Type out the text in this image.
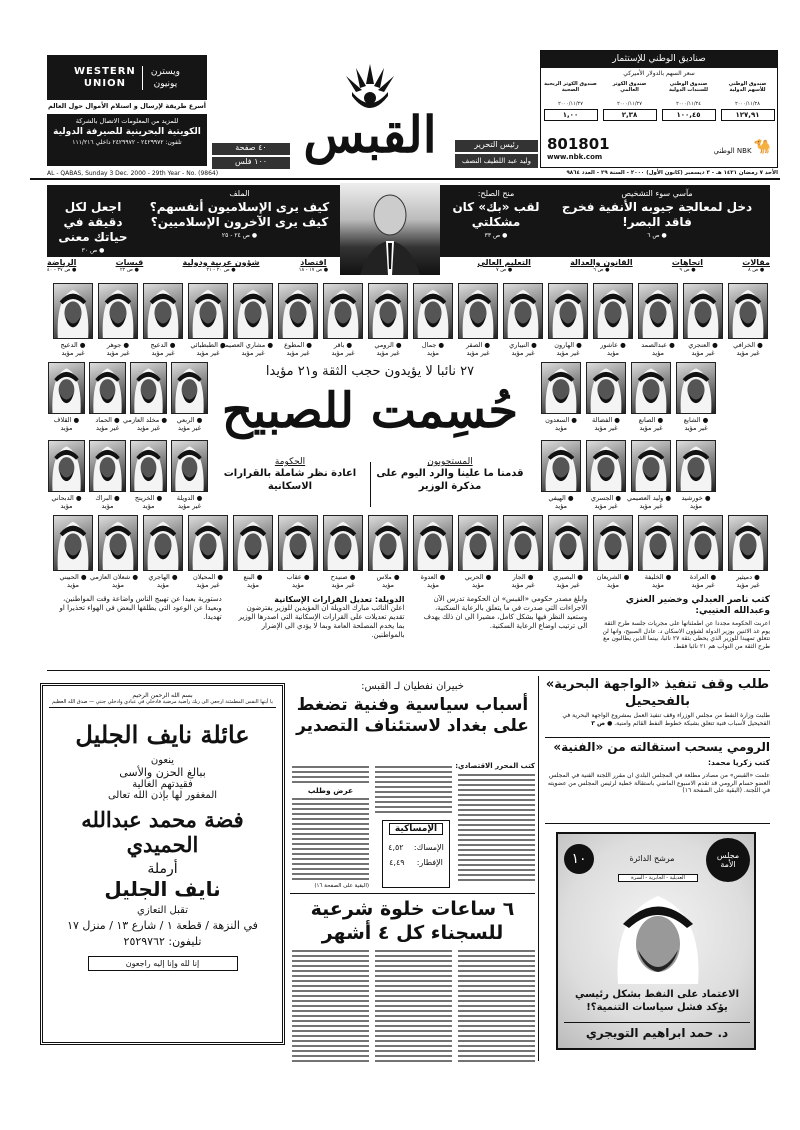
WESTERN
UNION
ويسترن
يونيون
أسرع طريقة لإرسال و استلام الأموال حول العالم
للمزيد من المعلومات الاتصال بالشركة
الكويتية البحرينية للصيرفة الدولية
تلفون: ٢٤٢٩٩٧٢ - ٢٤٢٩٩٧٢ داخلي ١١١/٢١٦
٤٠ صفحة
١٠٠ فلس القبس	رئيس التحرير
وليد عبد اللطيف النصف
صناديق الوطني للإستثمار
سعر السهم بالدولار الأميركي
صندوق الوطني للأسهم الدولية
٢٠٠٠/١١/٢٨
١٢٧,٩١
صندوق الوطني للسندات الدولية
٢٠٠٠/١١/٢٤
١٠٠,٤٥
صندوق الكوثر العالمي
٢٠٠٠/١١/٢٧
٢,٣٨
صندوق الكوثر الربحية الصحية
٢٠٠٠/١١/٢٧
١,٠٠
801801
www.nbk.com
🐪
NBK الوطني
AL - QABAS, Sunday 3 Dec. 2000 - 29th Year - No. (9864)	الأحد ٧ رمضان ١٤٢١ هـ - ٣ ديسمبر (كانون الأول) ٢٠٠٠ - السنة ٢٩ - العدد ٩٨٦٤
مآسي سوء التشخيص
دخل لمعالجة جيوبه الأنفية فخرج فاقد البصر!
● ص ٦
منح الصلح:
لقب «بك» كان مشكلتي
● ص ٣٣
الملف
كيف يرى الإسلاميون أنفسهم؟ كيف يرى الآخرون الإسلاميين؟
● ص ٢٤ - ٢٥
اجعل لكل دقيقة في حياتك معنى
● ص ٣٠
مقالات
● ص ٨
اتجاهات
● ص ٩
القانون والعدالة
● ص ٦
التعليم العالي
● ص ٧
اقتصاد
● ص ١٧ - ١٨
شؤون عربية ودولية
● ص ٢٠ - ٢١
قبسات
● ص ٢٢
الرياضة
● ص ٣٧ - ٤٠
٢٧ نائبا لا يؤيدون حجب الثقة و٢١ مؤيدا
حُسِمت للصبيح
المستجوبون
قدمنا ما علينا والرد اليوم على مذكرة الوزير
الحكومة
اعادة نظر شاملة بالقرارات الاسكانية
كتب ناصر العبدلي وخضير العنزي وعبدالله العتيبي:
اعربت الحكومة مجددا عن اطمئنانها على مجريات جلسة طرح الثقة يوم غد الاثنين بوزير الدولة لشؤون الاسكان د. عادل الصبيح، وانها لن تتعلق تمهيدا للوزير الذي يحظى بثقة ٢٧ نائبا، بينما الذين يطالبون مع طرح الثقة من النواب هم ٢١ نائبا فقط.
وابلغ مصدر حكومي «القبس» ان الحكومة تدرس الآن الاجراءات التي صدرت في ما يتعلق بالرعاية السكنية، وستعيد النظر فيها بشكل كامل، مشيرا الى ان ذلك يهدف الى ترتيب اوضاع الرعاية السكنية.
الدويلة: تعديل القرارات الإسكانية
اعلن النائب مبارك الدويلة ان المؤيدين للوزير يفترضون تقديم تعديلات على القرارات الإسكانية التي اصدرها الوزير بما يخدم المصلحة العامة وبما لا يؤدي الى الإضرار بالمواطنين.
دستورية بعيدا عن تهييج الناس واضاعة وقت المواطنين، وبعيدا عن الوعود التي يطلقها البعض في الهواء تحذيرا او تهديدا.
بسم الله الرحمن الرحيم
يا أيتها النفس المطمئنة ارجعي الى ربك راضية مرضية فادخلي في عبادي وادخلي جنتي — صدق الله العظيم
عائلة نايف الجليل
ينعون
ببالغ الحزن والأسى
فقيدتهم الغالية
المغفور لها بإذن الله تعالى
فضة محمد عبدالله الحميدي
أرملة
نايف الجليل
تقبل التعازي
في النزهة / قطعة ١ / شارع ١٣ / منزل ١٧
تليفون: ٢٥٢٩٧٦٢
إنا لله وإنا إليه راجعون
خبيران نفطيان لـ القبس:
أسباب سياسية وفنية تضغط على بغداد لاستئناف التصدير
كتب المحرر الاقتصادي:
عرض وطلب
(البقية على الصفحة ١٦)
الإمساكية
الإمساك:
٤,٥٢
الإفطار:
٤,٤٩
٦ ساعات خلوة شرعية للسجناء كل ٤ أشهر
طلب وقف تنفيذ «الواجهة البحرية» بالفحيحيل
طلبت وزارة النفط من مجلس الوزراء وقف تنفيذ العمل بمشروع الواجهة البحرية في الفحيحيل لأسباب فنية تتعلق بشبكة خطوط النفط القائم وامنية. ● ص ٣
الرومي يسحب استقالته من «الفنية»
كتب زكريا محمد:
علمت «القبس» من مصادر مطلعة في المجلس البلدي ان مقرر اللجنة الفنية في المجلس العضو حسام الرومي قد تقدم الاسبوع الماضي باستقالة خطية لرئيس المجلس من عضويته في اللجنة. (البقية على الصفحة ١٦)
١٠	مجلس الأمة
مرشح الدائرة
العديلية - الجابرية - السرة
الاعتماد على النفط بشكل رئيسي يؤكد فشل سياسات التنمية؟!
د. حمد ابراهيم التويجري
● الخرافي
غير مؤيد
● العنجري
غير مؤيد
● عبدالصمد
مؤيد
● عاشور
مؤيد
● الهارون
غير مؤيد
● النيباري
غير مؤيد
● الصقر
غير مؤيد
● جمال
مؤيد
● الرومي
غير مؤيد
● باقر
غير مؤيد
● المطوع
غير مؤيد
● مشاري العصيمي
غير مؤيد
● الطبطبائي
غير مؤيد
● الدعيج
غير مؤيد
● جوهر
غير مؤيد
● الدعيج
غير مؤيد
● دميثير
غير مؤيد
● العرادة
غير مؤيد
● الخليفة
مؤيد
● الشريعان
مؤيد
● البصيري
غير مؤيد
● الجار
غير مؤيد
● الحربي
مؤيد
● العدوة
مؤيد
● ملاس
مؤيد
● صنيدح
غير مؤيد
● عقاب
مؤيد
● البنع
مؤيد
● المحيلان
غير مؤيد
● الهاجري
مؤيد
● شعلان العازمي
مؤيد
● الحبيني
مؤيد
● الربعي
غير مؤيد
● مخلد العازمي
غير مؤيد
● الحماد
غير مؤيد
● القلاف
مؤيد
● الدويلة
غير مؤيد
● الخرينج
مؤيد
● البراك
مؤيد
● الدبحاني
مؤيد
● الشايع
غير مؤيد
● الصانع
غير مؤيد
● الفضالة
غير مؤيد
● السعدون
مؤيد
● خورشيد
مؤيد
● وليد العصيمي
غير مؤيد
● الجسري
غير مؤيد
● الهيفي
مؤيد
